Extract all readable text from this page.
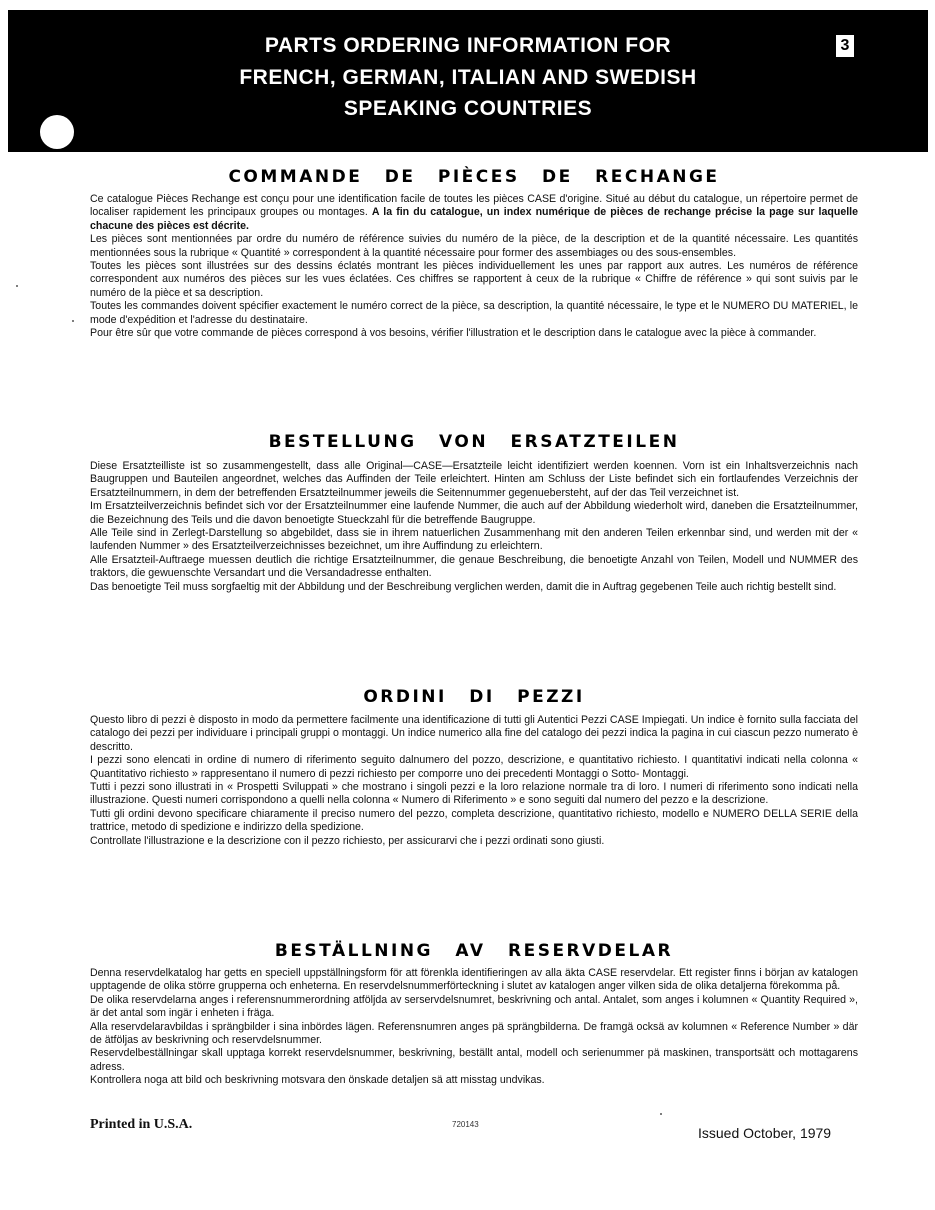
PARTS ORDERING INFORMATION FOR
FRENCH, GERMAN, ITALIAN AND SWEDISH
SPEAKING COUNTRIES
3
COMMANDE DE PIÈCES DE RECHANGE

Ce catalogue Pièces Rechange est conçu pour une identification facile de toutes les pièces CASE d'origine. Situé au début du catalogue, un répertoire permet de localiser rapidement les principaux groupes ou montages. A la fin du catalogue, un index numérique de pièces de rechange précise la page sur laquelle chacune des pièces est décrite.

Les pièces sont mentionnées par ordre du numéro de référence suivies du numéro de la pièce, de la description et de la quantité nécessaire. Les quantités mentionnées sous la rubrique « Quantité » correspondent à la quantité nécessaire pour former des assembiages ou des sous-ensembles.

Toutes les pièces sont illustrées sur des dessins éclatés montrant les pièces individuellement les unes par rapport aux autres. Les numéros de référence correspondent aux numéros des pièces sur les vues éclatées. Ces chiffres se rapportent à ceux de la rubrique « Chiffre de référence » qui sont suivis par le numéro de la pièce et sa description.

Toutes les commandes doivent spécifier exactement le numéro correct de la pièce, sa description, la quantité nécessaire, le type et le NUMERO DU MATERIEL, le mode d'expédition et l'adresse du destinataire.

Pour être sûr que votre commande de pièces correspond à vos besoins, vérifier l'illustration et le description dans le catalogue avec la pièce à commander.

BESTELLUNG VON ERSATZTEILEN

Diese Ersatzteilliste ist so zusammengestellt, dass alle Original—CASE—Ersatzteile leicht identifiziert werden koennen. Vorn ist ein Inhaltsverzeichnis nach Baugruppen und Bauteilen angeordnet, welches das Auffinden der Teile erleichtert. Hinten am Schluss der Liste befindet sich ein fortlaufendes Verzeichnis der Ersatzteilnummern, in dem der betreffenden Ersatzteilnummer jeweils die Seitennummer gegenuebersteht, auf der das Teil verzeichnet ist.

Im Ersatzteilverzeichnis befindet sich vor der Ersatzteilnummer eine laufende Nummer, die auch auf der Abbildung wiederholt wird, daneben die Ersatzteilnummer, die Bezeichnung des Teils und die davon benoetigte Stueckzahl für die betreffende Baugruppe.

Alle Teile sind in Zerlegt-Darstellung so abgebildet, dass sie in ihrem natuerlichen Zusammenhang mit den anderen Teilen erkennbar sind, und werden mit der « laufenden Nummer » des Ersatzteilverzeichnisses bezeichnet, um ihre Auffindung zu erleichtern.

Alle Ersatzteil-Auftraege muessen deutlich die richtige Ersatzteilnummer, die genaue Beschreibung, die benoetigte Anzahl von Teilen, Modell und NUMMER des traktors, die gewuenschte Versandart und die Versandadresse enthalten.

Das benoetigte Teil muss sorgfaeltig mit der Abbildung und der Beschreibung verglichen werden, damit die in Auftrag gegebenen Teile auch richtig bestellt sind.

ORDINI DI PEZZI

Questo libro di pezzi è disposto in modo da permettere facilmente una identificazione di tutti gli Autentici Pezzi CASE Impiegati. Un indice è fornito sulla facciata del catalogo dei pezzi per individuare i principali gruppi o montaggi. Un indice numerico alla fine del catalogo dei pezzi indica la pagina in cui ciascun pezzo numerato è descritto.

I pezzi sono elencati in ordine di numero di riferimento seguito dalnumero del pozzo, descrizione, e quantitativo richiesto. I quantitativi indicati nella colonna « Quantitativo richiesto » rappresentano il numero di pezzi richiesto per comporre uno dei precedenti Montaggi o Sotto- Montaggi.

Tutti i pezzi sono illustrati in « Prospetti Sviluppati » che mostrano i singoli pezzi e la loro relazione normale tra di loro. I numeri di riferimento sono indicati nella illustrazione. Questi numeri corrispondono a quelli nella colonna « Numero di Riferimento » e sono seguiti dal numero del pezzo e la descrizione.

Tutti gli ordini devono specificare chiaramente il preciso numero del pezzo, completa descrizione, quantitativo richiesto, modello e NUMERO DELLA SERIE della trattrice, metodo di spedizione e indirizzo della spedizione.

Controllate l'illustrazione e la descrizione con il pezzo richiesto, per assicurarvi che i pezzi ordinati sono giusti.

BESTÄLLNING AV RESERVDELAR

Denna reservdelkatalog har getts en speciell uppställningsform för att förenkla identifieringen av alla äkta CASE reservdelar. Ett register finns i början av katalogen upptagende de olika större grupperna och enheterna. En reservdelsnummerförteckning i slutet av katalogen anger vilken sida de olika detaljerna förekomma på.

De olika reservdelarna anges i referensnummerordning atföljda av serservdelsnumret, beskrivning och antal. Antalet, som anges i kolumnen « Quantity Required », är det antal som ingär i enheten i fräga.

Alla reservdelaravbildas i sprängbilder i sina inbördes lägen. Referensnumren anges pä sprängbilderna. De framgä ocksä av kolumnen « Reference Number » där de ätföljas av beskrivning och reservdelsnummer.

Reservdelbeställningar skall upptaga korrekt reservdelsnummer, beskrivning, beställt antal, modell och serienummer pä maskinen, transportsätt och mottagarens adress.

Kontrollera noga att bild och beskrivning motsvara den önskade detaljen sä att misstag undvikas.

Printed in U.S.A.	720143
Issued October, 1979
